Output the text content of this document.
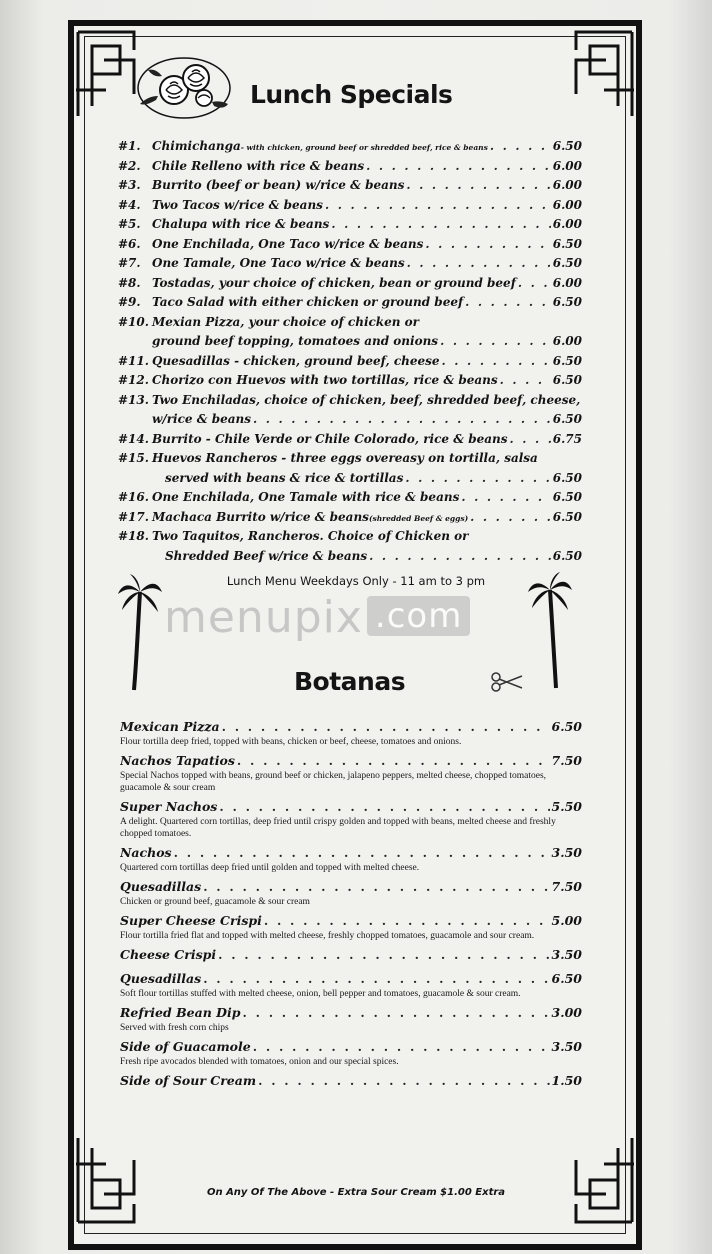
Lunch Specials
#1. Chimichanga - with chicken, ground beef or shredded beef, rice & beans . . .	6.50
#2. Chile Relleno with rice & beans . . .	6.00
#3. Burrito (beef or bean) w/rice & beans . . .	6.00
#4. Two Tacos w/rice & beans . . .	6.00
#5. Chalupa with rice & beans . . .	6.00
#6. One Enchilada, One Taco w/rice & beans . . .	6.50
#7. One Tamale, One Taco w/rice & beans . . .	6.50
#8. Tostadas, your choice of chicken, bean or ground beef . . .	6.00
#9. Taco Salad with either chicken or ground beef . . .	6.50
#10. Mexian Pizza, your choice of chicken or
ground beef topping, tomatoes and onions . . .	6.00
#11. Quesadillas - chicken, ground beef, cheese . . .	6.50
#12. Chorizo con Huevos with two tortillas, rice & beans . . .	6.50
#13. Two Enchiladas, choice of chicken, beef, shredded beef, cheese,
w/rice & beans . . .	6.50
#14. Burrito - Chile Verde or Chile Colorado, rice & beans . . .	6.75
#15. Huevos Rancheros - three eggs overeasy on tortilla, salsa
served with beans & rice & tortillas . . .	6.50
#16. One Enchilada, One Tamale with rice & beans . . .	6.50
#17. Machaca Burrito w/rice & beans (shredded Beef & eggs) . . .	6.50
#18. Two Taquitos, Rancheros. Choice of Chicken or
Shredded Beef w/rice & beans . . .	6.50
Lunch Menu Weekdays Only - 11 am to 3 pm
menupix .com
Botanas
Mexican Pizza . . .	6.50
Flour tortilla deep fried, topped with beans, chicken or beef, cheese, tomatoes and onions.
Nachos Tapatios . . .	7.50
Special Nachos topped with beans, ground beef or chicken, jalapeno peppers, melted cheese, chopped tomatoes, guacamole & sour cream
Super Nachos . . .	5.50
A delight. Quartered corn tortillas, deep fried until crispy golden and topped with beans, melted cheese and freshly chopped tomatoes.
Nachos . . .	3.50
Quartered corn tortillas deep fried until golden and topped with melted cheese.
Quesadillas . . .	7.50
Chicken or ground beef, guacamole & sour cream
Super Cheese Crispi . . .	5.00
Flour tortilla fried flat and topped with melted cheese, freshly chopped tomatoes, guacamole and sour cream.
Cheese Crispi . . .	3.50
Quesadillas . . .	6.50
Soft flour tortillas stuffed with melted cheese, onion, bell pepper and tomatoes, guacamole & sour cream.
Refried Bean Dip . . .	3.00
Served with fresh corn chips
Side of Guacamole . . .	3.50
Fresh ripe avocados blended with tomatoes, onion and our special spices.
Side of Sour Cream . . .	1.50
On Any Of The Above - Extra Sour Cream $1.00 Extra
